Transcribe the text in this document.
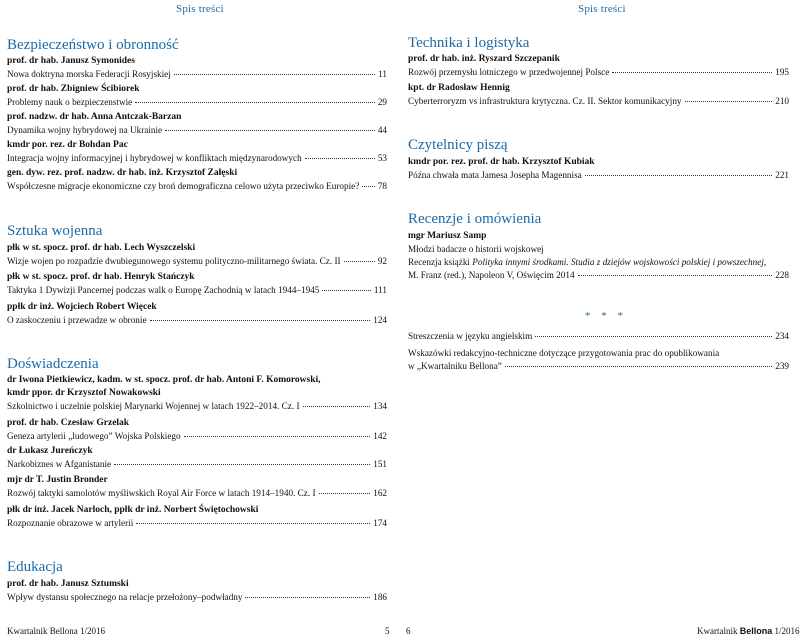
Spis treści
Bezpieczeństwo i obronność
prof. dr hab. Janusz Symonides
Nowa doktryna morska Federacji Rosyjskiej	11
prof. dr hab. Zbigniew Ścibiorek
Problemy nauk o bezpieczenstwie	29
prof. nadzw. dr hab. Anna Antczak-Barzan
Dynamika wojny hybrydowej na Ukrainie	44
kmdr por. rez. dr Bohdan Pac
Integracja wojny informacyjnej i hybrydowej w konfliktach międzynarodowych	53
gen. dyw. rez. prof. nadzw. dr hab. inż. Krzysztof Załęski
Współczesne migracje ekonomiczne czy broń demograficzna celowo użyta przeciwko Europie? 78
Sztuka wojenna
płk w st. spocz. prof. dr hab. Lech Wyszczelski
Wizje wojen po rozpadzie dwubiegunowego systemu polityczno-militarnego świata. Cz. II	92
płk w st. spocz. prof. dr hab. Henryk Stańczyk
Taktyka 1 Dywizji Pancernej podczas walk o Europę Zachodnią w latach 1944–1945	111
ppłk dr inż. Wojciech Robert Więcek
O zaskoczeniu i przewadze w obronie	124
Doświadczenia
dr Iwona Pietkiewicz, kadm. w st. spocz. prof. dr hab. Antoni F. Komorowski,
kmdr ppor. dr Krzysztof Nowakowski
Szkolnictwo i uczelnie polskiej Marynarki Wojennej w latach 1922–2014. Cz. I	134
prof. dr hab. Czesław Grzelak
Geneza artylerii „ludowego” Wojska Polskiego	142
dr Łukasz Jureńczyk
Narkobiznes w Afganistanie	151
mjr dr T. Justin Bronder
Rozwój taktyki samolotów myśliwskich Royal Air Force w latach 1914–1940. Cz. I	162
płk dr inż. Jacek Narloch, ppłk dr inż. Norbert Świętochowski
Rozpoznanie obrazowe w artylerii	174
Edukacja
prof. dr hab. Janusz Sztumski
Wpływ dystansu społecznego na relacje przełożony–podwładny	186
Kwartalnik Bellona 1/2016	5
Spis treści
Technika i logistyka
prof. dr hab. inż. Ryszard Szczepanik
Rozwój przemysłu lotniczego w przedwojennej Polsce	195
kpt. dr Radosław Hennig
Cyberterroryzm vs infrastruktura krytyczna. Cz. II. Sektor komunikacyjny	210
Czytelnicy piszą
kmdr por. rez. prof. dr hab. Krzysztof Kubiak
Późna chwała mata Jamesa Josepha Magennisa	221
Recenzje i omówienia
mgr Mariusz Samp
Młodzi badacze o historii wojskowej
Recenzja książki Polityka innymi środkami. Studia z dziejów wojskowości polskiej i powszechnej,
M. Franz (red.), Napoleon V, Oświęcim 2014	228
* * *
Streszczenia w języku angielskim	234
Wskazówki redakcyjno-techniczne dotyczące przygotowania prac do opublikowania
w „Kwartalniku Bellona”	239
6	Kwartalnik Bellona 1/2016
